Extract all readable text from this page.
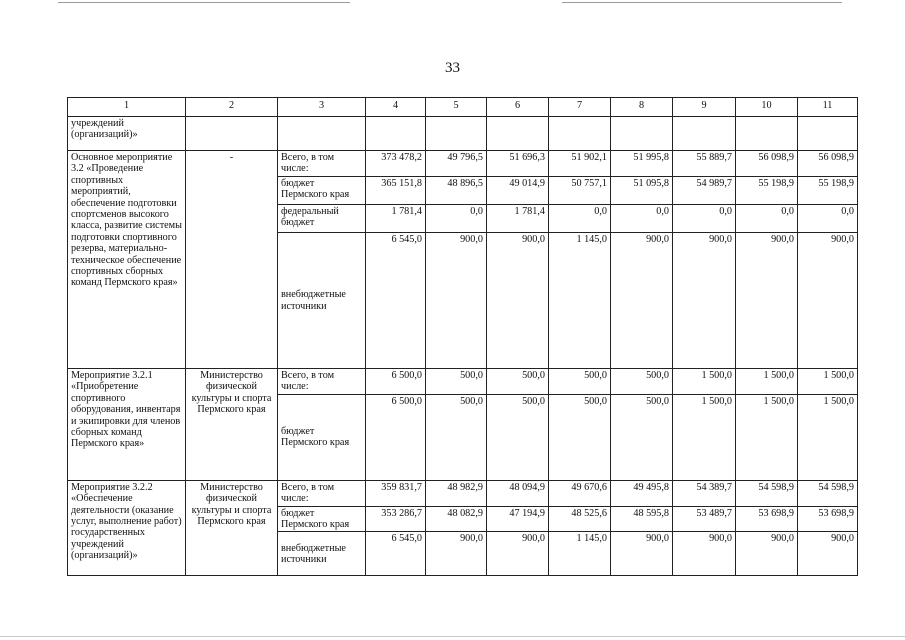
33
1	2	3	4	5	6	7	8	9	10	11
учреждений (организаций)»										
Основное мероприятие 3.2 «Проведение спортивных мероприятий, обеспечение подготовки спортсменов высокого класса, развитие системы подготовки спортивного резерва, материально-техническое обеспечение спортивных сборных команд Пермского края»	-	Всего, в том числе:	373 478,2	49 796,5	51 696,3	51 902,1	51 995,8	55 889,7	56 098,9	56 098,9
		бюджет Пермского края	365 151,8	48 896,5	49 014,9	50 757,1	51 095,8	54 989,7	55 198,9	55 198,9
		федеральный бюджет	1 781,4	0,0	1 781,4	0,0	0,0	0,0	0,0	0,0
		внебюджетные источники	6 545,0	900,0	900,0	1 145,0	900,0	900,0	900,0	900,0
Мероприятие 3.2.1 «Приобретение спортивного оборудования, инвентаря и экипировки для членов сборных команд Пермского края»	Министерство физической культуры и спорта Пермского края	Всего, в том числе:	6 500,0	500,0	500,0	500,0	500,0	1 500,0	1 500,0	1 500,0
		бюджет Пермского края	6 500,0	500,0	500,0	500,0	500,0	1 500,0	1 500,0	1 500,0
Мероприятие 3.2.2 «Обеспечение деятельности (оказание услуг, выполнение работ) государственных учреждений (организаций)»	Министерство физической культуры и спорта Пермского края	Всего, в том числе:	359 831,7	48 982,9	48 094,9	49 670,6	49 495,8	54 389,7	54 598,9	54 598,9
		бюджет Пермского края	353 286,7	48 082,9	47 194,9	48 525,6	48 595,8	53 489,7	53 698,9	53 698,9
		внебюджетные источники	6 545,0	900,0	900,0	1 145,0	900,0	900,0	900,0	900,0
